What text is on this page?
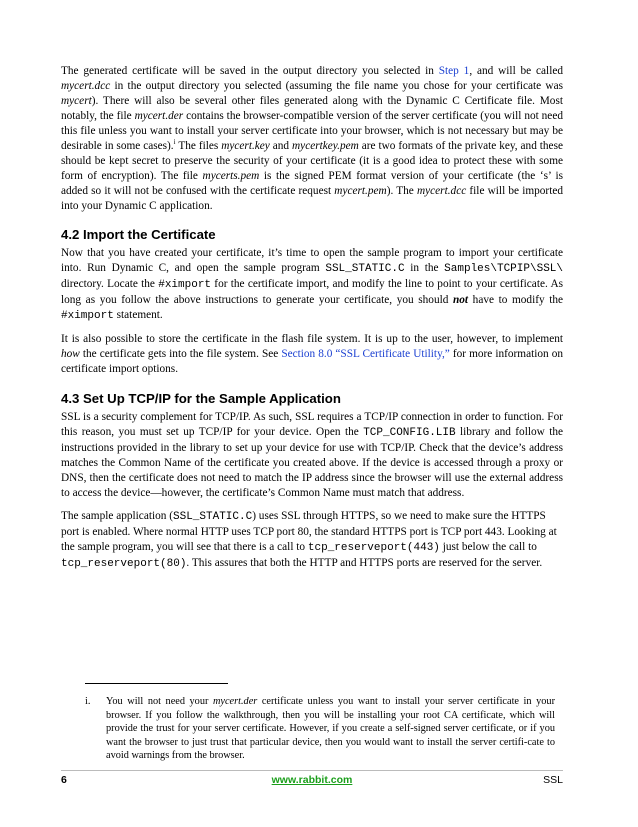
The generated certificate will be saved in the output directory you selected in Step 1, and will be called mycert.dcc in the output directory you selected (assuming the file name you chose for your certificate was mycert). There will also be several other files generated along with the Dynamic C Certificate file. Most notably, the file mycert.der contains the browser-compatible version of the server certificate (you will not need this file unless you want to install your server certificate into your browser, which is not necessary but may be desirable in some cases).$^i$ The files mycert.key and mycertkey.pem are two formats of the private key, and these should be kept secret to preserve the security of your certificate (it is a good idea to protect these with some form of encryption). The file mycerts.pem is the signed PEM format version of your certificate (the ‘s’ is added so it will not be confused with the certificate request mycert.pem). The mycert.dcc file will be imported into your Dynamic C application.

4.2 Import the Certificate

Now that you have created your certificate, it’s time to open the sample program to import your certificate into. Run Dynamic C, and open the sample program SSL_STATIC.C in the Samples\TCPIP\SSL\ directory. Locate the #ximport for the certificate import, and modify the line to point to your certificate. As long as you follow the above instructions to generate your certificate, you should not have to modify the #ximport statement.

It is also possible to store the certificate in the flash file system. It is up to the user, however, to implement how the certificate gets into the file system. See Section 8.0 “SSL Certificate Utility,” for more information on certificate import options.

4.3 Set Up TCP/IP for the Sample Application

SSL is a security complement for TCP/IP. As such, SSL requires a TCP/IP connection in order to function. For this reason, you must set up TCP/IP for your device. Open the TCP_CONFIG.LIB library and follow the instructions provided in the library to set up your device for use with TCP/IP. Check that the device’s address matches the Common Name of the certificate you created above. If the device is accessed through a proxy or DNS, then the certificate does not need to match the IP address since the browser will use the external address to access the device—however, the certificate’s Common Name must match that address.

The sample application (SSL_STATIC.C) uses SSL through HTTPS, so we need to make sure the HTTPS port is enabled. Where normal HTTP uses TCP port 80, the standard HTTPS port is TCP port 443. Looking at the sample program, you will see that there is a call to tcp_reserveport(443) just below the call to tcp_reserveport(80). This assures that both the HTTP and HTTPS ports are reserved for the server.

i. You will not need your mycert.der certificate unless you want to install your server certificate in your browser. If you follow the walkthrough, then you will be installing your root CA certificate, which will provide the trust for your server certificate. However, if you create a self-signed server certificate, or if you want the browser to just trust that particular device, then you would want to install the server certifi-cate to avoid warnings from the browser.
6	www.rabbit.com	SSL
